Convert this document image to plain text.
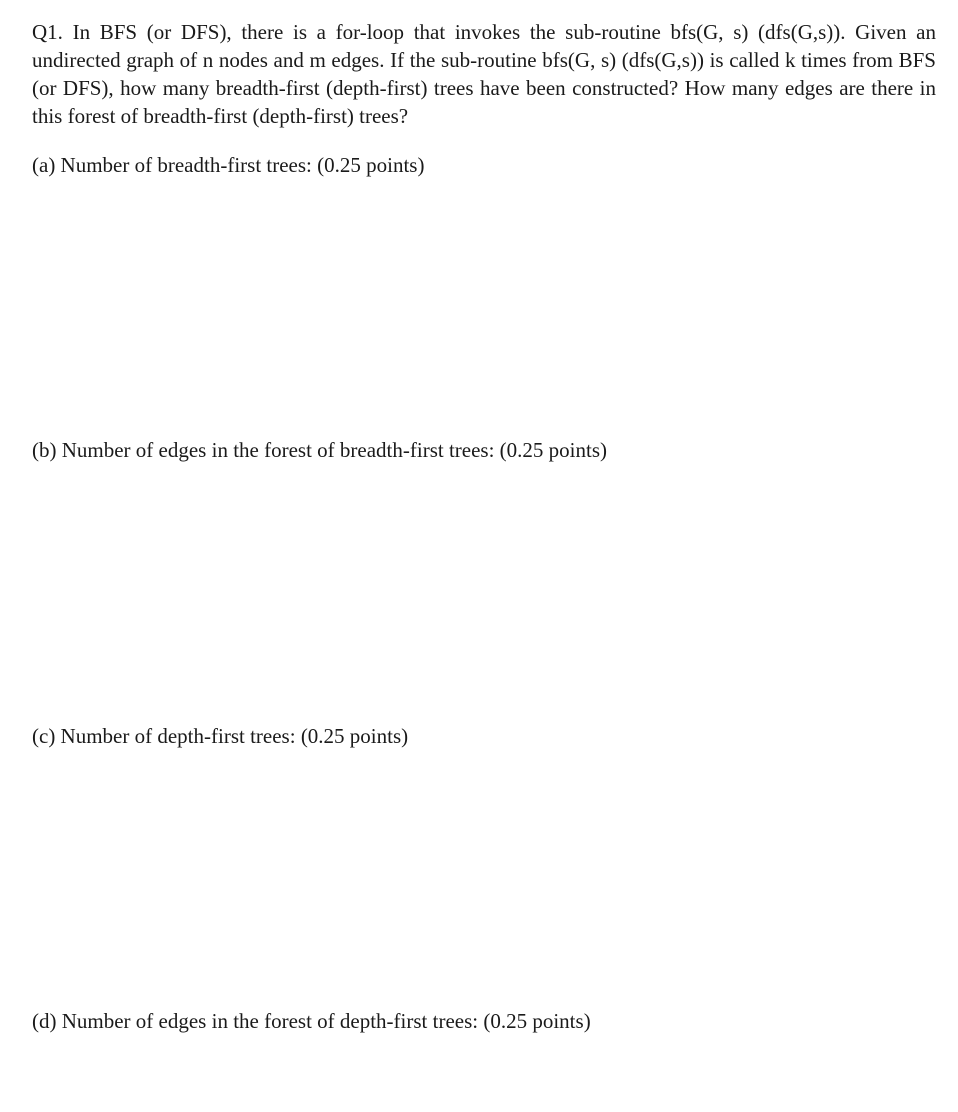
Q1. In BFS (or DFS), there is a for-loop that invokes the sub-routine bfs(G, s) (dfs(G,s)). Given an undirected graph of n nodes and m edges. If the sub-routine bfs(G, s) (dfs(G,s)) is called k times from BFS (or DFS), how many breadth-first (depth-first) trees have been constructed? How many edges are there in this forest of breadth-first (depth-first) trees?
(a) Number of breadth-first trees: (0.25 points)
(b) Number of edges in the forest of breadth-first trees: (0.25 points)
(c) Number of depth-first trees: (0.25 points)
(d) Number of edges in the forest of depth-first trees: (0.25 points)
